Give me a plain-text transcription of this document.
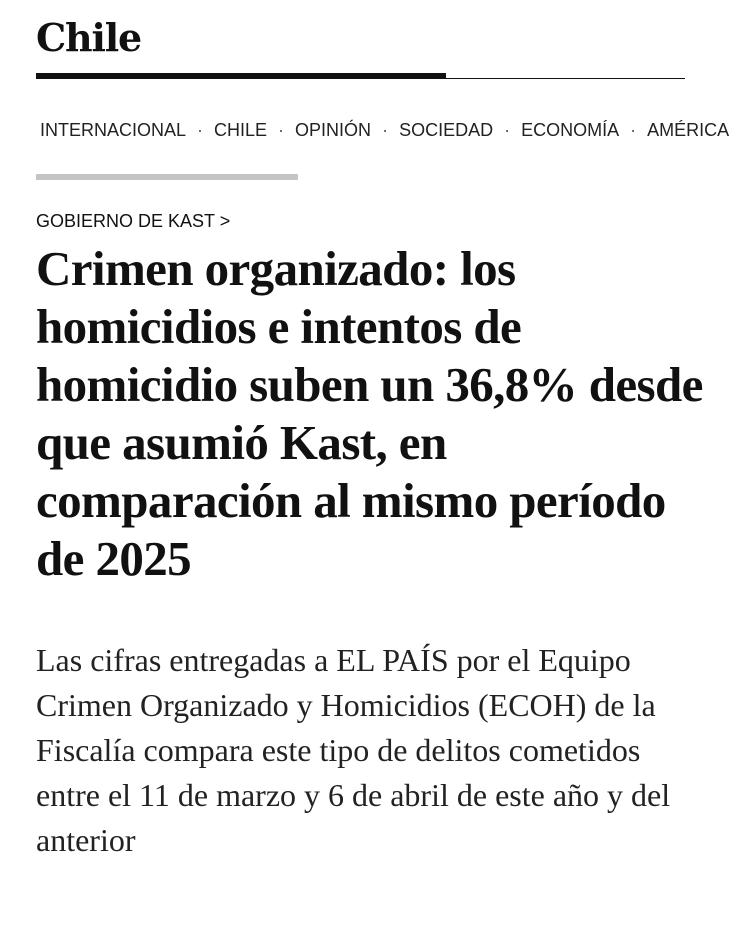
Chile
INTERNACIONAL · CHILE · OPINIÓN · SOCIEDAD · ECONOMÍA · AMÉRICA

GOBIERNO DE KAST >

Crimen organizado: los homicidios e intentos de homicidio suben un 36,8% desde que asumió Kast, en comparación al mismo período de 2025

Las cifras entregadas a EL PAÍS por el Equipo Crimen Organizado y Homicidios (ECOH) de la Fiscalía compara este tipo de delitos cometidos entre el 11 de marzo y 6 de abril de este año y del anterior
